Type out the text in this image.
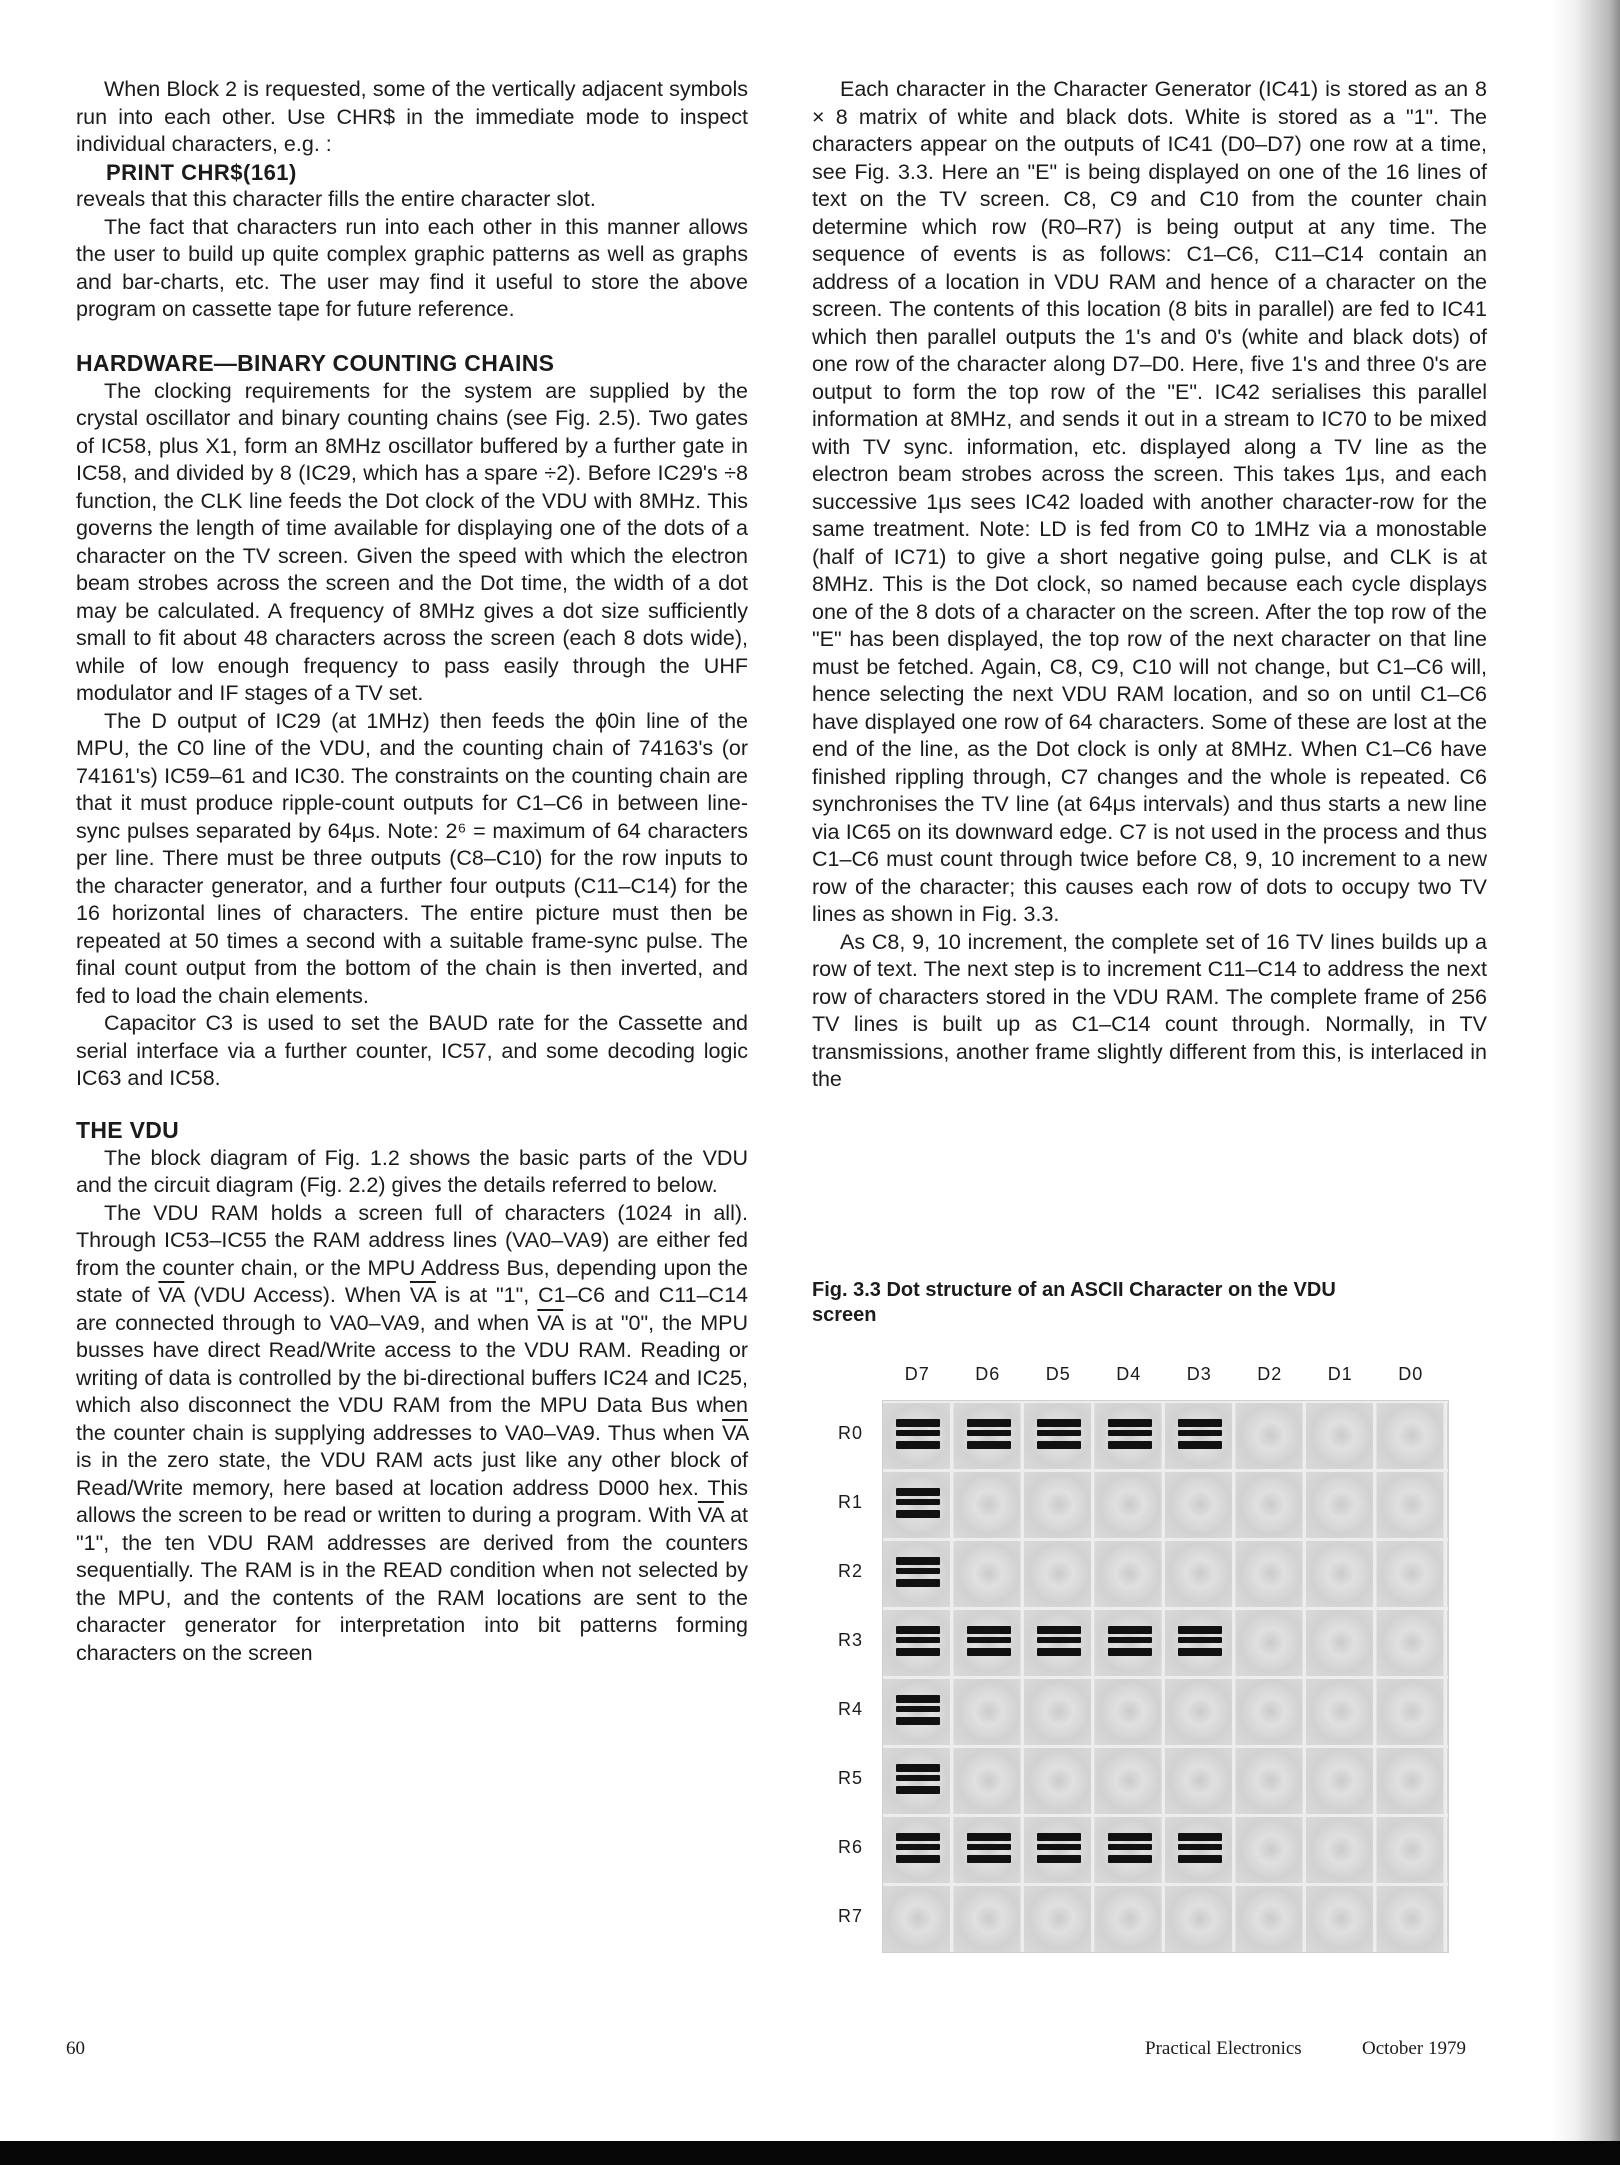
When Block 2 is requested, some of the vertically adjacent symbols run into each other. Use CHR$ in the immediate mode to inspect individual characters, e.g. :

PRINT CHR$(161)

reveals that this character fills the entire character slot.

The fact that characters run into each other in this manner allows the user to build up quite complex graphic patterns as well as graphs and bar-charts, etc. The user may find it useful to store the above program on cassette tape for future reference.

HARDWARE—BINARY COUNTING CHAINS

The clocking requirements for the system are supplied by the crystal oscillator and binary counting chains (see Fig. 2.5). Two gates of IC58, plus X1, form an 8MHz oscillator buffered by a further gate in IC58, and divided by 8 (IC29, which has a spare ÷2). Before IC29's ÷8 function, the CLK line feeds the Dot clock of the VDU with 8MHz. This governs the length of time available for displaying one of the dots of a character on the TV screen. Given the speed with which the electron beam strobes across the screen and the Dot time, the width of a dot may be calculated. A frequency of 8MHz gives a dot size sufficiently small to fit about 48 characters across the screen (each 8 dots wide), while of low enough frequency to pass easily through the UHF modulator and IF stages of a TV set.

The D output of IC29 (at 1MHz) then feeds the ϕ0in line of the MPU, the C0 line of the VDU, and the counting chain of 74163's (or 74161's) IC59–61 and IC30. The constraints on the counting chain are that it must produce ripple-count outputs for C1–C6 in between line-sync pulses separated by 64μs. Note: 2⁶ = maximum of 64 characters per line. There must be three outputs (C8–C10) for the row inputs to the character generator, and a further four outputs (C11–C14) for the 16 horizontal lines of characters. The entire picture must then be repeated at 50 times a second with a suitable frame-sync pulse. The final count output from the bottom of the chain is then inverted, and fed to load the chain elements.

Capacitor C3 is used to set the BAUD rate for the Cassette and serial interface via a further counter, IC57, and some decoding logic IC63 and IC58.

THE VDU

The block diagram of Fig. 1.2 shows the basic parts of the VDU and the circuit diagram (Fig. 2.2) gives the details referred to below.

The VDU RAM holds a screen full of characters (1024 in all). Through IC53–IC55 the RAM address lines (VA0–VA9) are either fed from the counter chain, or the MPU Address Bus, depending upon the state of $\overline{VA}$ (VDU Access). When $\overline{VA}$ is at "1", C1–C6 and C11–C14 are connected through to VA0–VA9, and when $\overline{VA}$ is at "0", the MPU busses have direct Read/Write access to the VDU RAM. Reading or writing of data is controlled by the bi-directional buffers IC24 and IC25, which also disconnect the VDU RAM from the MPU Data Bus when the counter chain is supplying addresses to VA0–VA9. Thus when $\overline{VA}$ is in the zero state, the VDU RAM acts just like any other block of Read/Write memory, here based at location address D000 hex. This allows the screen to be read or written to during a program. With $\overline{VA}$ at "1", the ten VDU RAM addresses are derived from the counters sequentially. The RAM is in the READ condition when not selected by the MPU, and the contents of the RAM locations are sent to the character generator for interpretation into bit patterns forming characters on the screen

Each character in the Character Generator (IC41) is stored as an 8 × 8 matrix of white and black dots. White is stored as a "1". The characters appear on the outputs of IC41 (D0–D7) one row at a time, see Fig. 3.3. Here an "E" is being displayed on one of the 16 lines of text on the TV screen. C8, C9 and C10 from the counter chain determine which row (R0–R7) is being output at any time. The sequence of events is as follows: C1–C6, C11–C14 contain an address of a location in VDU RAM and hence of a character on the screen. The contents of this location (8 bits in parallel) are fed to IC41 which then parallel outputs the 1's and 0's (white and black dots) of one row of the character along D7–D0. Here, five 1's and three 0's are output to form the top row of the "E". IC42 serialises this parallel information at 8MHz, and sends it out in a stream to IC70 to be mixed with TV sync. information, etc. displayed along a TV line as the electron beam strobes across the screen. This takes 1μs, and each successive 1μs sees IC42 loaded with another character-row for the same treatment. Note: LD is fed from C0 to 1MHz via a monostable (half of IC71) to give a short negative going pulse, and CLK is at 8MHz. This is the Dot clock, so named because each cycle displays one of the 8 dots of a character on the screen. After the top row of the "E" has been displayed, the top row of the next character on that line must be fetched. Again, C8, C9, C10 will not change, but C1–C6 will, hence selecting the next VDU RAM location, and so on until C1–C6 have displayed one row of 64 characters. Some of these are lost at the end of the line, as the Dot clock is only at 8MHz. When C1–C6 have finished rippling through, C7 changes and the whole is repeated. C6 synchronises the TV line (at 64μs intervals) and thus starts a new line via IC65 on its downward edge. C7 is not used in the process and thus C1–C6 must count through twice before C8, 9, 10 increment to a new row of the character; this causes each row of dots to occupy two TV lines as shown in Fig. 3.3.

As C8, 9, 10 increment, the complete set of 16 TV lines builds up a row of text. The next step is to increment C11–C14 to address the next row of characters stored in the VDU RAM. The complete frame of 256 TV lines is built up as C1–C14 count through. Normally, in TV transmissions, another frame slightly different from this, is interlaced in the

Fig. 3.3 Dot structure of an ASCII Character on the VDU screen
D7	D6	D5	D4	D3	D2	D1	D0
R0
R1
R2
R3
R4
R5
R6
R7
60	Practical Electronics	October 1979
